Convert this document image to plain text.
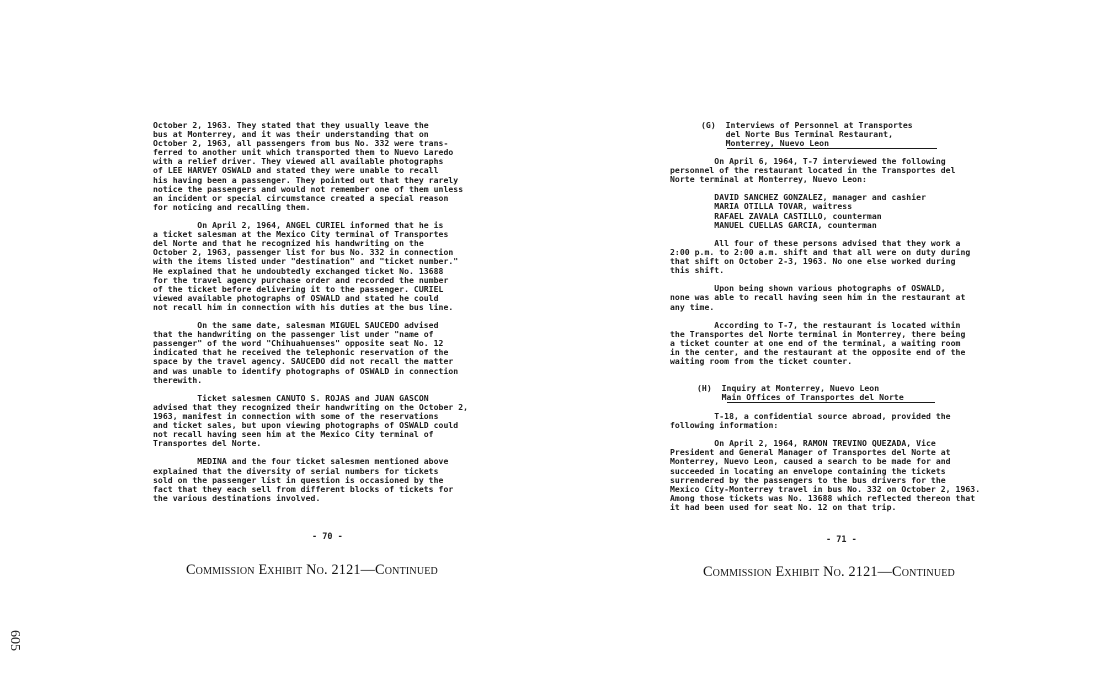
October 2, 1963. They stated that they usually leave the
bus at Monterrey, and it was their understanding that on
October 2, 1963, all passengers from bus No. 332 were trans-
ferred to another unit which transported them to Nuevo Laredo
with a relief driver. They viewed all available photographs
of LEE HARVEY OSWALD and stated they were unable to recall
his having been a passenger. They pointed out that they rarely
notice the passengers and would not remember one of them unless
an incident or special circumstance created a special reason
for noticing and recalling them.

On April 2, 1964, ANGEL CURIEL informed that he is
a ticket salesman at the Mexico City terminal of Transportes
del Norte and that he recognized his handwriting on the
October 2, 1963, passenger list for bus No. 332 in connection
with the items listed under "destination" and "ticket number."
He explained that he undoubtedly exchanged ticket No. 13688
for the travel agency purchase order and recorded the number
of the ticket before delivering it to the passenger. CURIEL
viewed available photographs of OSWALD and stated he could
not recall him in connection with his duties at the bus line.

On the same date, salesman MIGUEL SAUCEDO advised
that the handwriting on the passenger list under "name of
passenger" of the word "Chihuahuenses" opposite seat No. 12
indicated that he received the telephonic reservation of the
space by the travel agency. SAUCEDO did not recall the matter
and was unable to identify photographs of OSWALD in connection
therewith.

Ticket salesmen CANUTO S. ROJAS and JUAN GASCON
advised that they recognized their handwriting on the October 2,
1963, manifest in connection with some of the reservations
and ticket sales, but upon viewing photographs of OSWALD could
not recall having seen him at the Mexico City terminal of
Transportes del Norte.

MEDINA and the four ticket salesmen mentioned above
explained that the diversity of serial numbers for tickets
sold on the passenger list in question is occasioned by the
fact that they each sell from different blocks of tickets for
the various destinations involved.
- 70 -
Commission Exhibit No. 2121—Continued
605
(G)  Interviews of Personnel at Transportes
del Norte Bus Terminal Restaurant,
Monterrey, Nuevo Leon
On April 6, 1964, T-7 interviewed the following
personnel of the restaurant located in the Transportes del
Norte terminal at Monterrey, Nuevo Leon:

DAVID SANCHEZ GONZALEZ, manager and cashier
MARIA OTILLA TOVAR, waitress
RAFAEL ZAVALA CASTILLO, counterman
MANUEL CUELLAS GARCIA, counterman

All four of these persons advised that they work a
2:00 p.m. to 2:00 a.m. shift and that all were on duty during
that shift on October 2-3, 1963. No one else worked during
this shift.

Upon being shown various photographs of OSWALD,
none was able to recall having seen him in the restaurant at
any time.

According to T-7, the restaurant is located within
the Transportes del Norte terminal in Monterrey, there being
a ticket counter at one end of the terminal, a waiting room
in the center, and the restaurant at the opposite end of the
waiting room from the ticket counter.
(H)  Inquiry at Monterrey, Nuevo Leon
Main Offices of Transportes del Norte
T-18, a confidential source abroad, provided the
following information:

On April 2, 1964, RAMON TREVINO QUEZADA, Vice
President and General Manager of Transportes del Norte at
Monterrey, Nuevo Leon, caused a search to be made for and
succeeded in locating an envelope containing the tickets
surrendered by the passengers to the bus drivers for the
Mexico City-Monterrey travel in bus No. 332 on October 2, 1963.
Among those tickets was No. 13688 which reflected thereon that
it had been used for seat No. 12 on that trip.
- 71 -
Commission Exhibit No. 2121—Continued
